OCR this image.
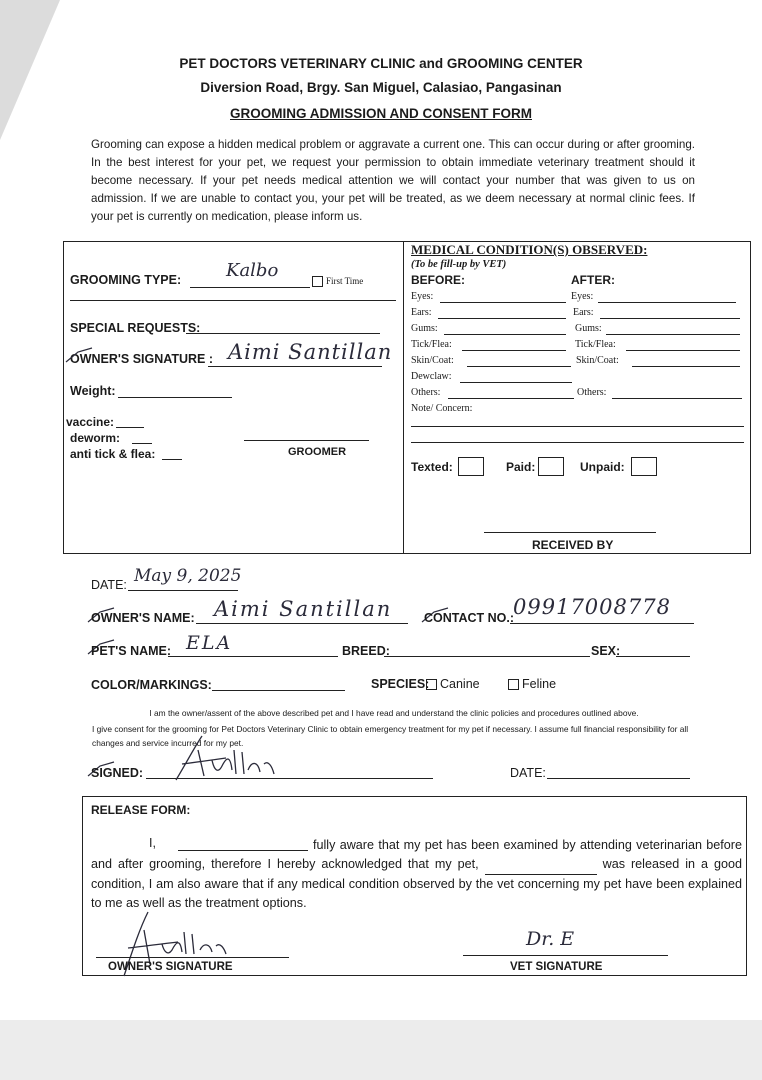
PET DOCTORS VETERINARY CLINIC and GROOMING CENTER
Diversion Road, Brgy. San Miguel, Calasiao, Pangasinan
GROOMING ADMISSION AND CONSENT FORM
Grooming can expose a hidden medical problem or aggravate a current one. This can occur during or after grooming. In the best interest for your pet, we request your permission to obtain immediate veterinary treatment should it become necessary. If your pet needs medical attention we will contact your number that was given to us on admission. If we are unable to contact you, your pet will be treated, as we deem necessary at normal clinic fees. If your pet is currently on medication, please inform us.
GROOMING TYPE: Kalbo	First Time
SPECIAL REQUESTS:
OWNER'S SIGNATURE : Aimi Santillan
Weight:
vaccine:
deworm:
anti tick & flea:	GROOMER
MEDICAL CONDITION(S) OBSERVED:
(To be fill-up by VET)
BEFORE:	AFTER:
Eyes:	Eyes:
Ears:	Ears:
Gums:	Gums:
Tick/Flea:	Tick/Flea:
Skin/Coat:	Skin/Coat:
Dewclaw:
Others:	Others:
Note/ Concern:
Texted:	Paid:	Unpaid:
RECEIVED BY
DATE: May 9, 2025
OWNER'S NAME: Aimi Santillan	CONTACT NO.:
09917008778
PET'S NAME: ELA	BREED:	SEX:
COLOR/MARKINGS:	SPECIES: Canine	Feline
I am the owner/assent of the above described pet and I have read and understand the clinic policies and procedures outlined above.
I give consent for the grooming for Pet Doctors Veterinary Clinic to obtain emergency treatment for my pet if necessary. I assume full financial responsibility for all changes and service incurred for my pet.
SIGNED:	DATE:
RELEASE FORM:
I,	fully aware that my pet has been examined by attending veterinarian before and after grooming, therefore I hereby acknowledged that my pet,	was released in a good condition, I am also aware that if any medical condition observed by the vet concerning my pet have been explained to me as well as the treatment options.
OWNER'S SIGNATURE
Dr. E
VET SIGNATURE
